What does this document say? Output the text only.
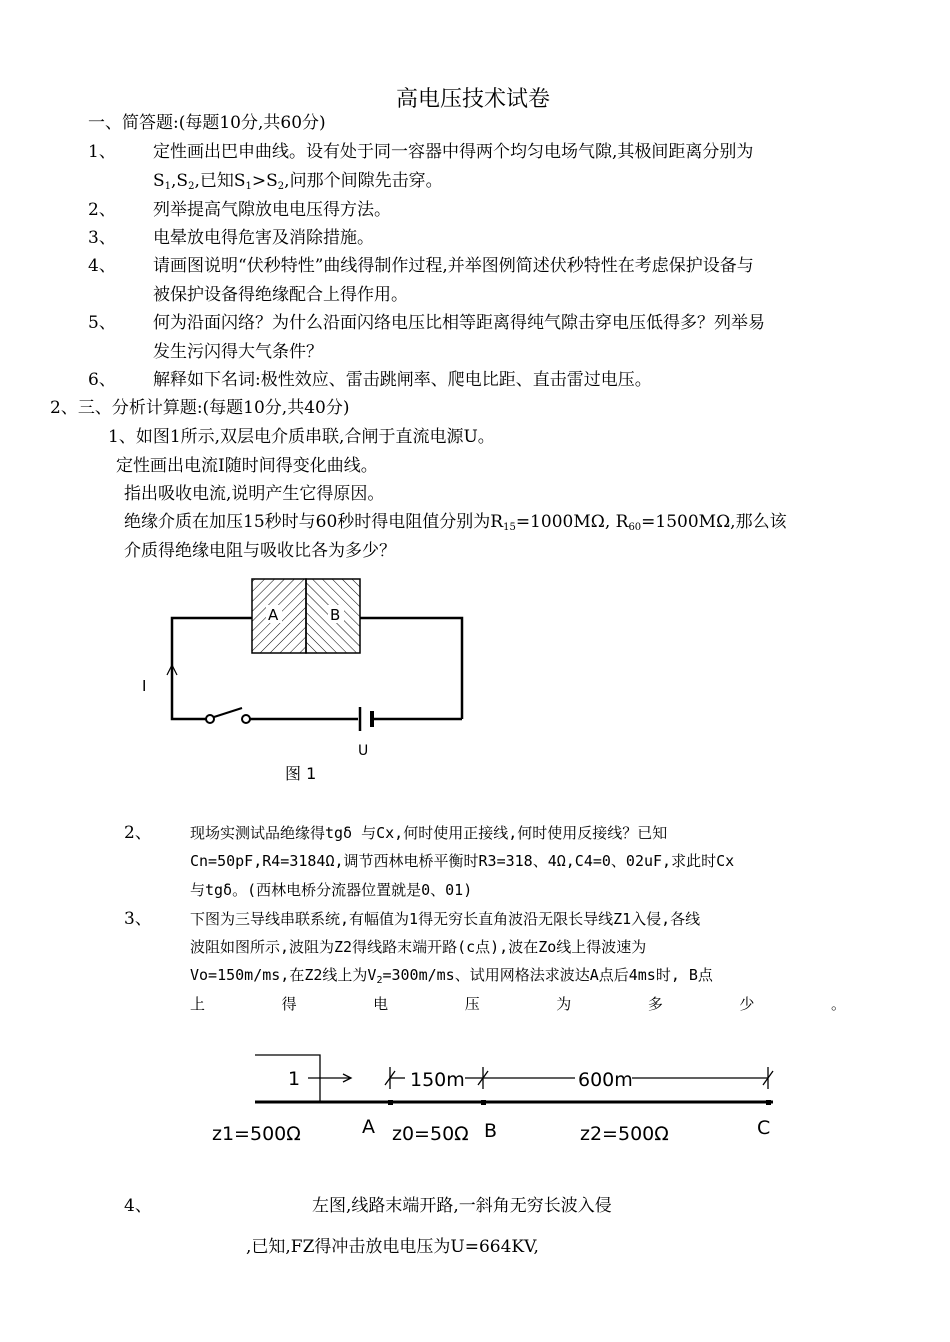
高电压技术试卷
一、简答题:(每题10分,共60分)
1、 定性画出巴申曲线。设有处于同一容器中得两个均匀电场气隙,其极间距离分别为
$S_1,S_2$,已知$S_1>S_2$,问那个间隙先击穿。
2、 列举提高气隙放电电压得方法。
3、 电晕放电得危害及消除措施。
4、 请画图说明“伏秒特性”曲线得制作过程,并举图例简述伏秒特性在考虑保护设备与
被保护设备得绝缘配合上得作用。
5、 何为沿面闪络？为什么沿面闪络电压比相等距离得纯气隙击穿电压低得多？列举易
发生污闪得大气条件？
6、 解释如下名词:极性效应、雷击跳闸率、爬电比距、直击雷过电压。
2、三、分析计算题:(每题10分,共40分)
1、如图1所示,双层电介质串联,合闸于直流电源U。
定性画出电流I随时间得变化曲线。
指出吸收电流,说明产生它得原因。
绝缘介质在加压15秒时与60秒时得电阻值分别为$R_{15}=1000M\Omega$, $R_{60}=1500M\Omega$,那么该
介质得绝缘电阻与吸收比各为多少？
A	B
I
U
图 1
2、	现场实测试品绝缘得tgδ 与Cx,何时使用正接线,何时使用反接线？已知
Cn=50pF,R4=3184Ω,调节西林电桥平衡时R3=318、4Ω,C4=0、02uF,求此时Cx
与tgδ。(西林电桥分流器位置就是0、01)
3、	下图为三导线串联系统,有幅值为1得无穷长直角波沿无限长导线Z1入侵,各线
波阻如图所示,波阻为Z2得线路末端开路(c点),波在Zo线上得波速为
Vo=150m/ms,在Z2线上为$V_2=300m/ms$、试用网格法求波达A点后4ms时, B点
上	得	电	压	为	多	少	。
1	150m	600m
z1=500Ω	A z0=50Ω B	z2=500Ω	C
4、	左图,线路末端开路,一斜角无穷长波入侵
,已知,FZ得冲击放电电压为U=664KV,
